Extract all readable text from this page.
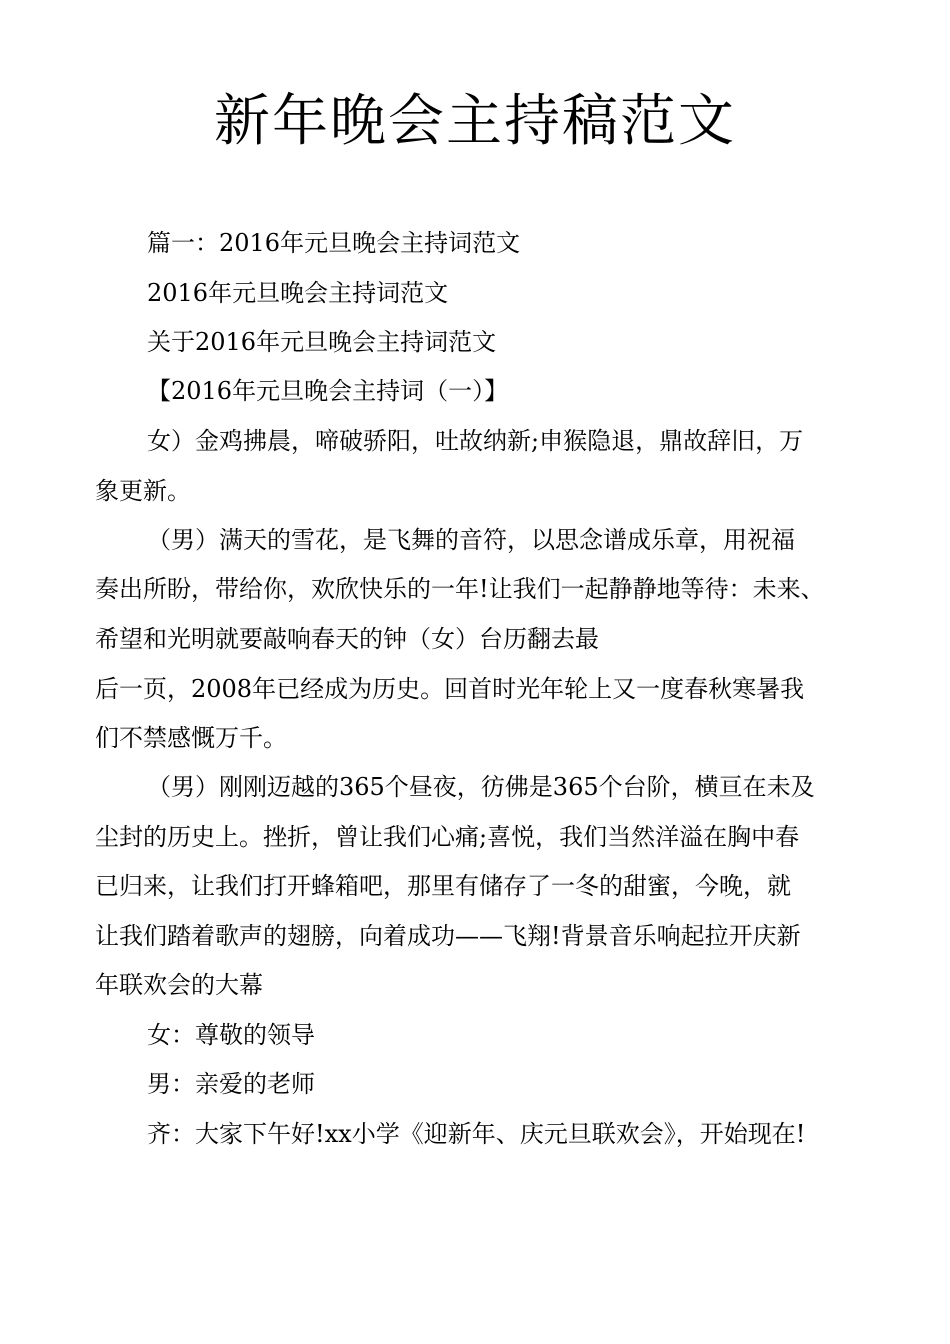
新年晚会主持稿范文

篇一：2016年元旦晚会主持词范文

2016年元旦晚会主持词范文

关于2016年元旦晚会主持词范文

【2016年元旦晚会主持词（一）】

女）金鸡拂晨，啼破骄阳，吐故纳新;申猴隐退，鼎故辞旧，万

象更新。

（男）满天的雪花，是飞舞的音符，以思念谱成乐章，用祝福

奏出所盼，带给你，欢欣快乐的一年!让我们一起静静地等待：未来、

希望和光明就要敲响春天的钟（女）台历翻去最

后一页，2008年已经成为历史。回首时光年轮上又一度春秋寒暑我

们不禁感慨万千。

（男）刚刚迈越的365个昼夜，彷佛是365个台阶，横亘在未及

尘封的历史上。挫折，曾让我们心痛;喜悦，我们当然洋溢在胸中春

已归来，让我们打开蜂箱吧，那里有储存了一冬的甜蜜，今晚，就

让我们踏着歌声的翅膀，向着成功——飞翔!背景音乐响起拉开庆新

年联欢会的大幕

女：尊敬的领导

男：亲爱的老师

齐：大家下午好!xx小学《迎新年、庆元旦联欢会》，开始现在!
